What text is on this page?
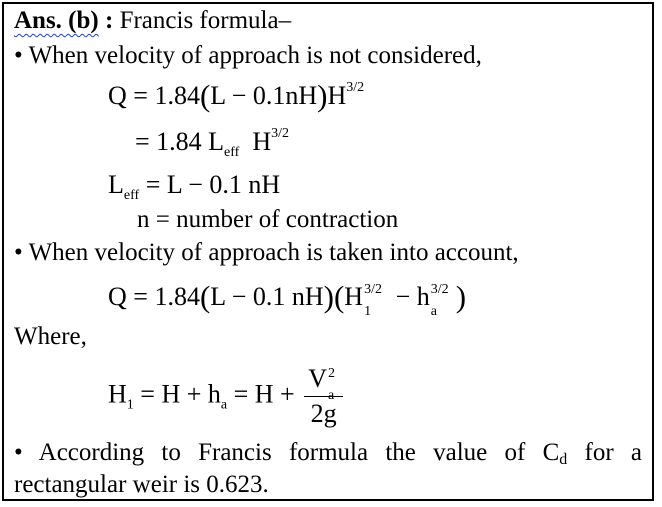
Ans. (b) : Francis formula–
• When velocity of approach is not considered,
$Q = 1.84(L - 0.1nH)H^{3/2}$
= 1.84 $L_{eff}$ $H^{3/2}$
$L_{eff} = L - 0.1$ nH
n = number of contraction
• When velocity of approach is taken into account,
Q = 1.84(L − 0.1 nH)(H 3/2
1
− h 3/2
a )
Where,
$H_1 = H + h_a = H + V$ 2
a
2g
• According to Francis formula the value of $C_d$ for a
rectangular weir is 0.623.
